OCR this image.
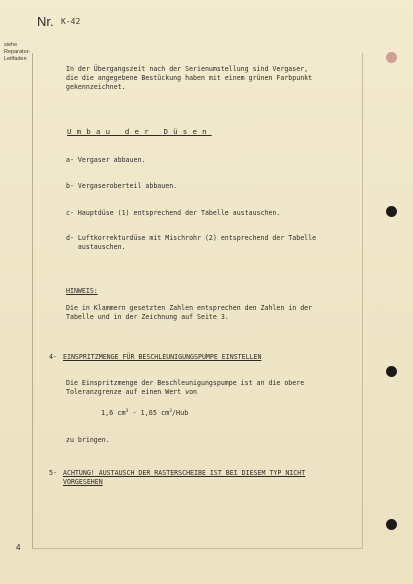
Nr. K-42
siehe
Reparatur-
Leitfaden
In der Übergangszeit nach der Serienumstellung sind Vergaser,
die die angegebene Bestückung haben mit einem grünen Farbpunkt
gekennzeichnet.
Umbau der Düsen
a- Vergaser abbauen.
b- Vergaseroberteil abbauen.
c- Hauptdüse (1) entsprechend der Tabelle austauschen.
d- Luftkorrekturdüse mit Mischrohr (2) entsprechend der Tabelle
austauschen.
HINWEIS:
Die in Klammern gesetzten Zahlen entsprechen den Zahlen in der
Tabelle und in der Zeichnung auf Seite 3.
4- EINSPRITZMENGE FÜR BESCHLEUNIGUNGSPUMPE EINSTELLEN
Die Einspritzmenge der Beschleunigungspumpe ist an die obere
Toleranzgrenze auf einen Wert von
1,6 $cm^3 - 1,65$ $cm^3$/Hub
zu bringen.
5- ACHTUNG! AUSTAUSCH DER RASTERSCHEIBE IST BEI DIESEM TYP NICHT
VORGESEHEN
4
